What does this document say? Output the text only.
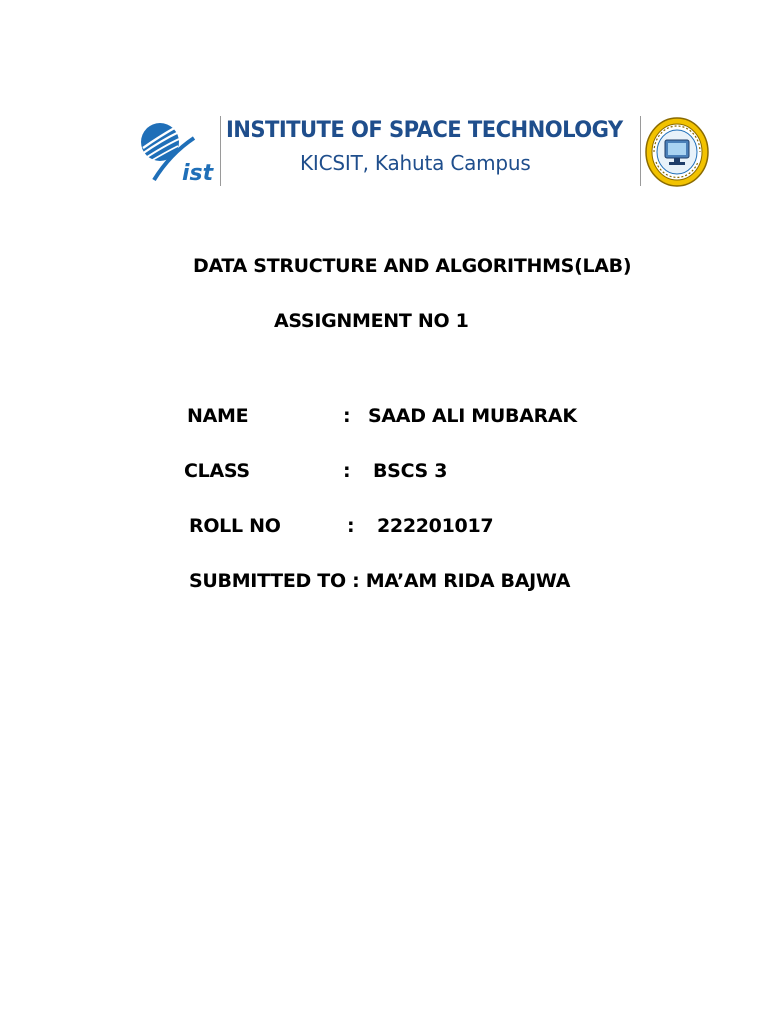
ist
INSTITUTE OF SPACE TECHNOLOGY
KICSIT, Kahuta Campus
DATA STRUCTURE AND ALGORITHMS(LAB)
ASSIGNMENT NO 1
NAME	: SAAD ALI MUBARAK
CLASS	: BSCS 3
ROLL NO	: 222201017
SUBMITTED TO : MA’AM RIDA BAJWA
